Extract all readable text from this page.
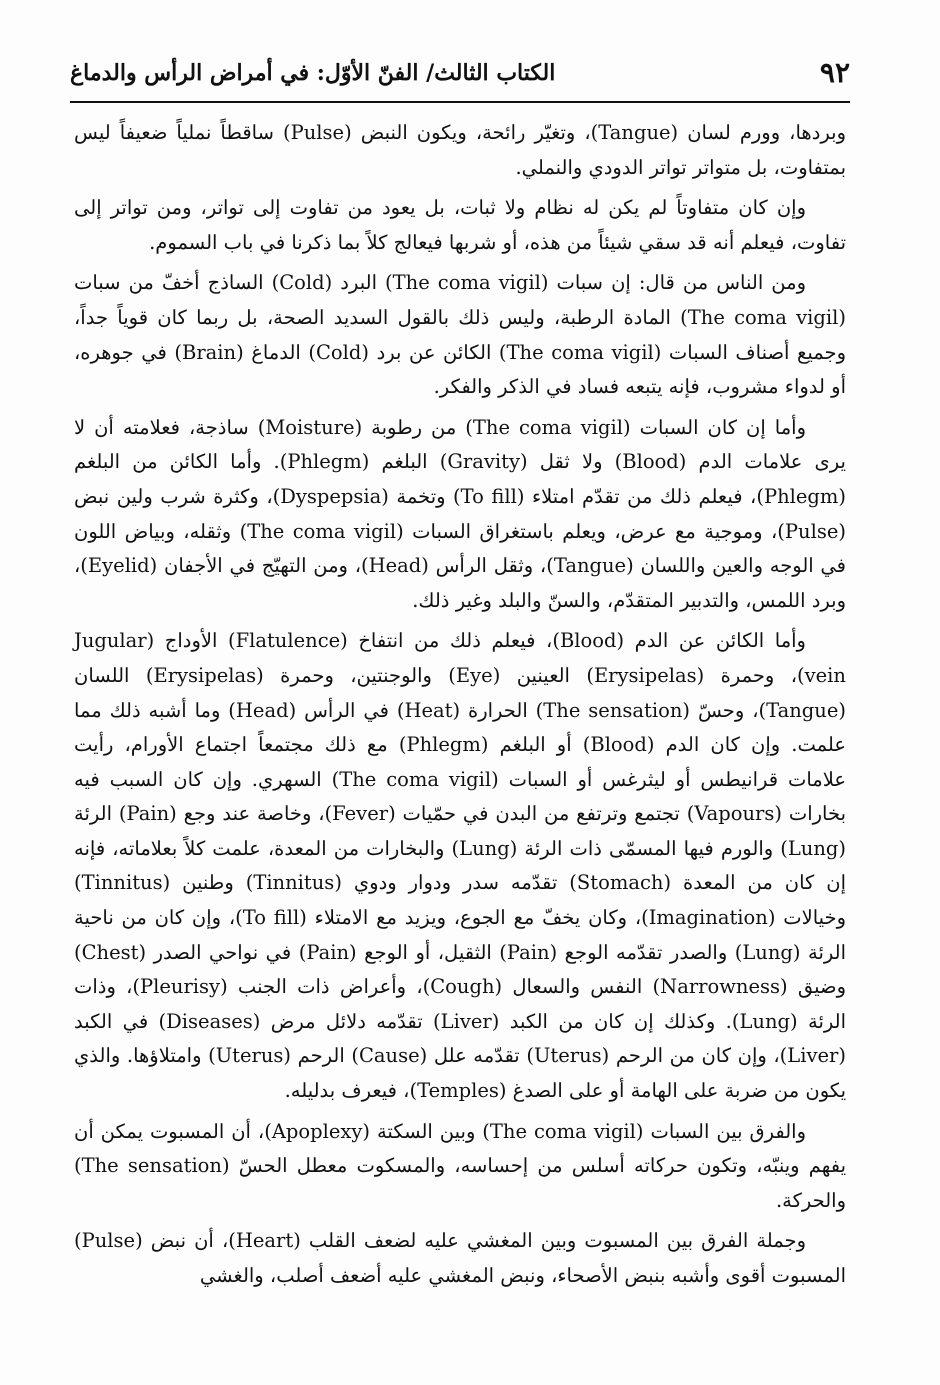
٩٢
الكتاب الثالث/ الفنّ الأوّل: في أمراض الرأس والدماغ

وبردها، وورم لسان (Tangue)، وتغيّر رائحة، ويكون النبض (Pulse) ساقطاً نملياً ضعيفاً ليس بمتفاوت، بل متواتر تواتر الدودي والنملي.

وإن كان متفاوتاً لم يكن له نظام ولا ثبات، بل يعود من تفاوت إلى تواتر، ومن تواتر إلى تفاوت، فيعلم أنه قد سقي شيئاً من هذه، أو شربها فيعالج كلاً بما ذكرنا في باب السموم.

ومن الناس من قال: إن سبات (The coma vigil) البرد (Cold) الساذج أخفّ من سبات (The coma vigil) المادة الرطبة، وليس ذلك بالقول السديد الصحة، بل ربما كان قوياً جداً، وجميع أصناف السبات (The coma vigil) الكائن عن برد (Cold) الدماغ (Brain) في جوهره، أو لدواء مشروب، فإنه يتبعه فساد في الذكر والفكر.

وأما إن كان السبات (The coma vigil) من رطوبة (Moisture) ساذجة، فعلامته أن لا يرى علامات الدم (Blood) ولا ثقل (Gravity) البلغم (Phlegm). وأما الكائن من البلغم (Phlegm)، فيعلم ذلك من تقدّم امتلاء (To fill) وتخمة (Dyspepsia)، وكثرة شرب ولين نبض (Pulse)، وموجية مع عرض، ويعلم باستغراق السبات (The coma vigil) وثقله، وبياض اللون في الوجه والعين واللسان (Tangue)، وثقل الرأس (Head)، ومن التهيّج في الأجفان (Eyelid)، وبرد اللمس، والتدبير المتقدّم، والسنّ والبلد وغير ذلك.

وأما الكائن عن الدم (Blood)، فيعلم ذلك من انتفاخ (Flatulence) الأوداج (Jugular vein)، وحمرة (Erysipelas) العينين (Eye) والوجنتين، وحمرة (Erysipelas) اللسان (Tangue)، وحسّ (The sensation) الحرارة (Heat) في الرأس (Head) وما أشبه ذلك مما علمت. وإن كان الدم (Blood) أو البلغم (Phlegm) مع ذلك مجتمعاً اجتماع الأورام، رأيت علامات قرانيطس أو ليثرغس أو السبات (The coma vigil) السهري. وإن كان السبب فيه بخارات (Vapours) تجتمع وترتفع من البدن في حمّيات (Fever)، وخاصة عند وجع (Pain) الرئة (Lung) والورم فيها المسمّى ذات الرئة (Lung) والبخارات من المعدة، علمت كلاً بعلاماته، فإنه إن كان من المعدة (Stomach) تقدّمه سدر ودوار ودوي (Tinnitus) وطنين (Tinnitus) وخيالات (Imagination)، وكان يخفّ مع الجوع، ويزيد مع الامتلاء (To fill)، وإن كان من ناحية الرئة (Lung) والصدر تقدّمه الوجع (Pain) الثقيل، أو الوجع (Pain) في نواحي الصدر (Chest) وضيق (Narrowness) النفس والسعال (Cough)، وأعراض ذات الجنب (Pleurisy)، وذات الرئة (Lung). وكذلك إن كان من الكبد (Liver) تقدّمه دلائل مرض (Diseases) في الكبد (Liver)، وإن كان من الرحم (Uterus) تقدّمه علل (Cause) الرحم (Uterus) وامتلاؤها. والذي يكون من ضربة على الهامة أو على الصدغ (Temples)، فيعرف بدليله.

والفرق بين السبات (The coma vigil) وبين السكتة (Apoplexy)، أن المسبوت يمكن أن يفهم وينبّه، وتكون حركاته أسلس من إحساسه، والمسكوت معطل الحسّ (The sensation) والحركة.

وجملة الفرق بين المسبوت وبين المغشي عليه لضعف القلب (Heart)، أن نبض (Pulse) المسبوت أقوى وأشبه بنبض الأصحاء، ونبض المغشي عليه أضعف أصلب، والغشي
